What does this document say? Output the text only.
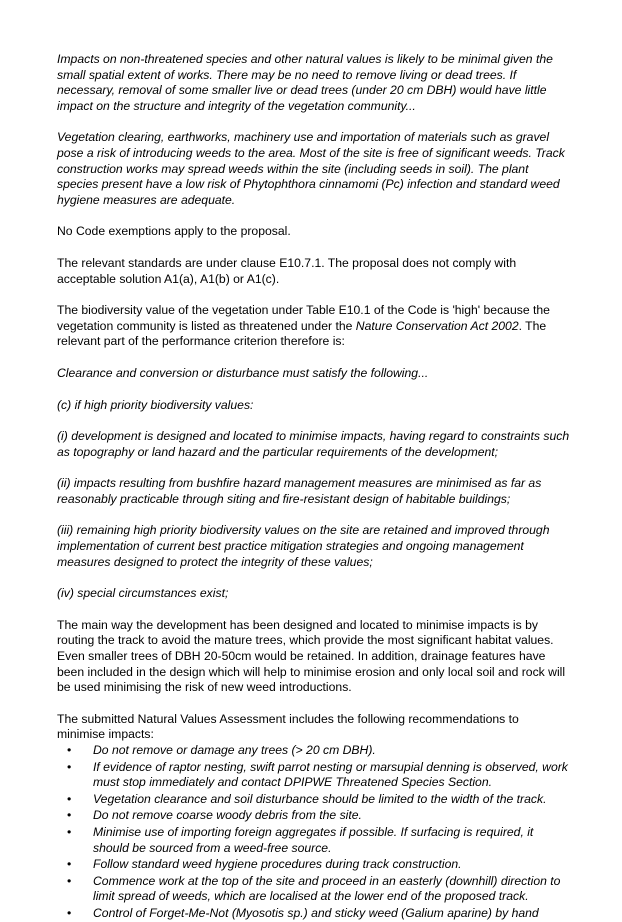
Impacts on non-threatened species and other natural values is likely to be minimal given the small spatial extent of works. There may be no need to remove living or dead trees. If necessary, removal of some smaller live or dead trees (under 20 cm DBH) would have little impact on the structure and integrity of the vegetation community...

Vegetation clearing, earthworks, machinery use and importation of materials such as gravel pose a risk of introducing weeds to the area. Most of the site is free of significant weeds. Track construction works may spread weeds within the site (including seeds in soil). The plant species present have a low risk of Phytophthora cinnamomi (Pc) infection and standard weed hygiene measures are adequate.

No Code exemptions apply to the proposal.

The relevant standards are under clause E10.7.1. The proposal does not comply with acceptable solution A1(a), A1(b) or A1(c).

The biodiversity value of the vegetation under Table E10.1 of the Code is 'high' because the vegetation community is listed as threatened under the Nature Conservation Act 2002. The relevant part of the performance criterion therefore is:

Clearance and conversion or disturbance must satisfy the following...

(c) if high priority biodiversity values:

(i) development is designed and located to minimise impacts, having regard to constraints such as topography or land hazard and the particular requirements of the development;

(ii) impacts resulting from bushfire hazard management measures are minimised as far as reasonably practicable through siting and fire-resistant design of habitable buildings;

(iii) remaining high priority biodiversity values on the site are retained and improved through implementation of current best practice mitigation strategies and ongoing management measures designed to protect the integrity of these values;

(iv) special circumstances exist;

The main way the development has been designed and located to minimise impacts is by routing the track to avoid the mature trees, which provide the most significant habitat values. Even smaller trees of DBH 20-50cm would be retained. In addition, drainage features have been included in the design which will help to minimise erosion and only local soil and rock will be used minimising the risk of new weed introductions.

The submitted Natural Values Assessment includes the following recommendations to minimise impacts:

• Do not remove or damage any trees (> 20 cm DBH).
• If evidence of raptor nesting, swift parrot nesting or marsupial denning is observed, work must stop immediately and contact DPIPWE Threatened Species Section.
• Vegetation clearance and soil disturbance should be limited to the width of the track.
• Do not remove coarse woody debris from the site.
• Minimise use of importing foreign aggregates if possible. If surfacing is required, it should be sourced from a weed-free source.
• Follow standard weed hygiene procedures during track construction.
• Commence work at the top of the site and proceed in an easterly (downhill) direction to limit spread of weeds, which are localised at the lower end of the proposed track.
• Control of Forget-Me-Not (Myosotis sp.) and sticky weed (Galium aparine) by hand
